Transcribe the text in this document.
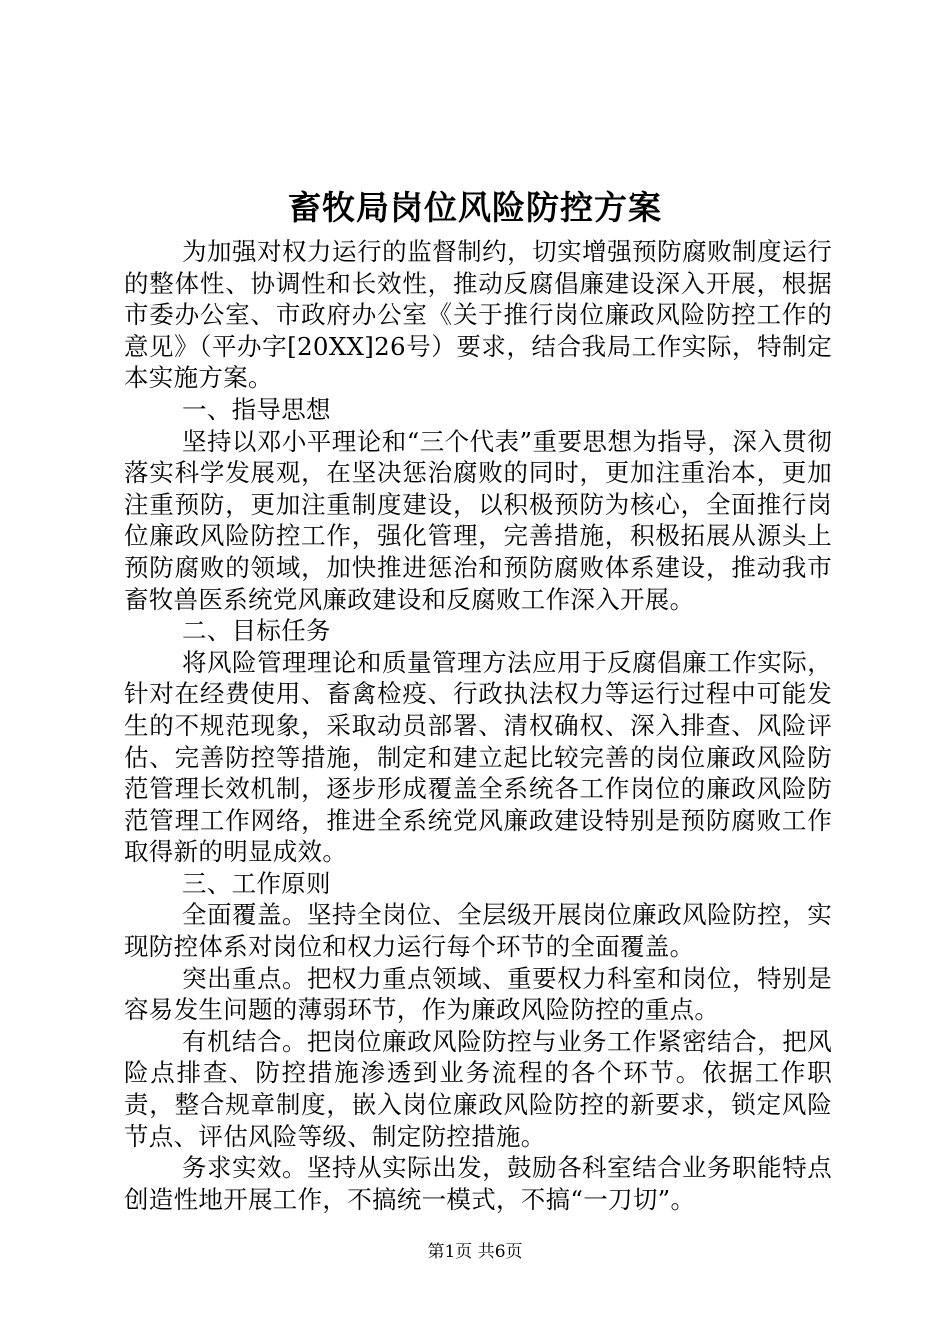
畜牧局岗位风险防控方案

为加强对权力运行的监督制约，切实增强预防腐败制度运行的整体性、协调性和长效性，推动反腐倡廉建设深入开展，根据市委办公室、市政府办公室《关于推行岗位廉政风险防控工作的意见》（平办字[20XX]26号）要求，结合我局工作实际，特制定本实施方案。

一、指导思想

坚持以邓小平理论和“三个代表”重要思想为指导，深入贯彻落实科学发展观，在坚决惩治腐败的同时，更加注重治本，更加注重预防，更加注重制度建设，以积极预防为核心，全面推行岗位廉政风险防控工作，强化管理，完善措施，积极拓展从源头上预防腐败的领域，加快推进惩治和预防腐败体系建设，推动我市畜牧兽医系统党风廉政建设和反腐败工作深入开展。

二、目标任务

将风险管理理论和质量管理方法应用于反腐倡廉工作实际，针对在经费使用、畜禽检疫、行政执法权力等运行过程中可能发生的不规范现象，采取动员部署、清权确权、深入排查、风险评估、完善防控等措施，制定和建立起比较完善的岗位廉政风险防范管理长效机制，逐步形成覆盖全系统各工作岗位的廉政风险防范管理工作网络，推进全系统党风廉政建设特别是预防腐败工作取得新的明显成效。

三、工作原则

全面覆盖。坚持全岗位、全层级开展岗位廉政风险防控，实现防控体系对岗位和权力运行每个环节的全面覆盖。

突出重点。把权力重点领域、重要权力科室和岗位，特别是容易发生问题的薄弱环节，作为廉政风险防控的重点。

有机结合。把岗位廉政风险防控与业务工作紧密结合，把风险点排查、防控措施渗透到业务流程的各个环节。依据工作职责，整合规章制度，嵌入岗位廉政风险防控的新要求，锁定风险节点、评估风险等级、制定防控措施。

务求实效。坚持从实际出发，鼓励各科室结合业务职能特点创造性地开展工作，不搞统一模式，不搞“一刀切”。

第1页 共6页
